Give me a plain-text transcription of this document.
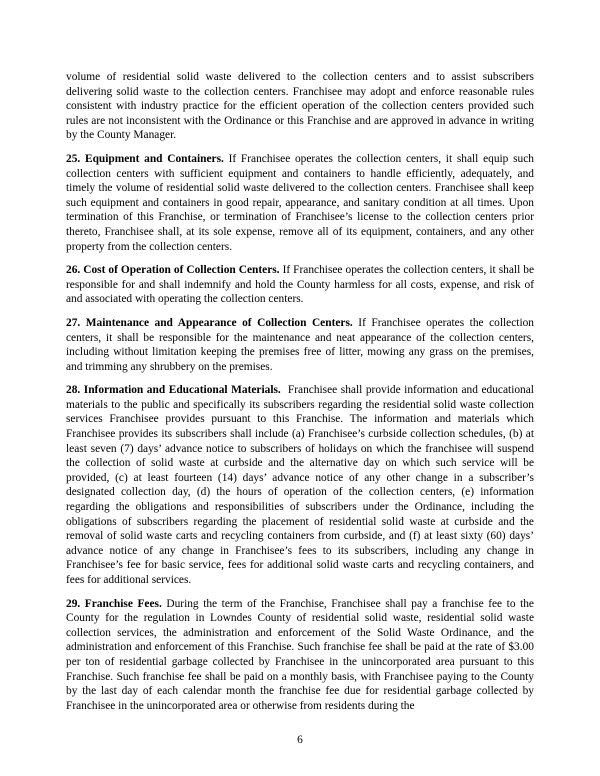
volume of residential solid waste delivered to the collection centers and to assist subscribers delivering solid waste to the collection centers. Franchisee may adopt and enforce reasonable rules consistent with industry practice for the efficient operation of the collection centers provided such rules are not inconsistent with the Ordinance or this Franchise and are approved in advance in writing by the County Manager.

25. Equipment and Containers. If Franchisee operates the collection centers, it shall equip such collection centers with sufficient equipment and containers to handle efficiently, adequately, and timely the volume of residential solid waste delivered to the collection centers. Franchisee shall keep such equipment and containers in good repair, appearance, and sanitary condition at all times. Upon termination of this Franchise, or termination of Franchisee’s license to the collection centers prior thereto, Franchisee shall, at its sole expense, remove all of its equipment, containers, and any other property from the collection centers.

26. Cost of Operation of Collection Centers. If Franchisee operates the collection centers, it shall be responsible for and shall indemnify and hold the County harmless for all costs, expense, and risk of and associated with operating the collection centers.

27. Maintenance and Appearance of Collection Centers. If Franchisee operates the collection centers, it shall be responsible for the maintenance and neat appearance of the collection centers, including without limitation keeping the premises free of litter, mowing any grass on the premises, and trimming any shrubbery on the premises.

28. Information and Educational Materials.  Franchisee shall provide information and educational materials to the public and specifically its subscribers regarding the residential solid waste collection services Franchisee provides pursuant to this Franchise. The information and materials which Franchisee provides its subscribers shall include (a) Franchisee’s curbside collection schedules, (b) at least seven (7) days’ advance notice to subscribers of holidays on which the franchisee will suspend the collection of solid waste at curbside and the alternative day on which such service will be provided, (c) at least fourteen (14) days’ advance notice of any other change in a subscriber’s designated collection day, (d) the hours of operation of the collection centers, (e) information regarding the obligations and responsibilities of subscribers under the Ordinance, including the obligations of subscribers regarding the placement of residential solid waste at curbside and the removal of solid waste carts and recycling containers from curbside, and (f) at least sixty (60) days’ advance notice of any change in Franchisee’s fees to its subscribers, including any change in Franchisee’s fee for basic service, fees for additional solid waste carts and recycling containers, and fees for additional services.

29. Franchise Fees. During the term of the Franchise, Franchisee shall pay a franchise fee to the County for the regulation in Lowndes County of residential solid waste, residential solid waste collection services, the administration and enforcement of the Solid Waste Ordinance, and the administration and enforcement of this Franchise. Such franchise fee shall be paid at the rate of $3.00 per ton of residential garbage collected by Franchisee in the unincorporated area pursuant to this Franchise. Such franchise fee shall be paid on a monthly basis, with Franchisee paying to the County by the last day of each calendar month the franchise fee due for residential garbage collected by Franchisee in the unincorporated area or otherwise from residents during the

6
